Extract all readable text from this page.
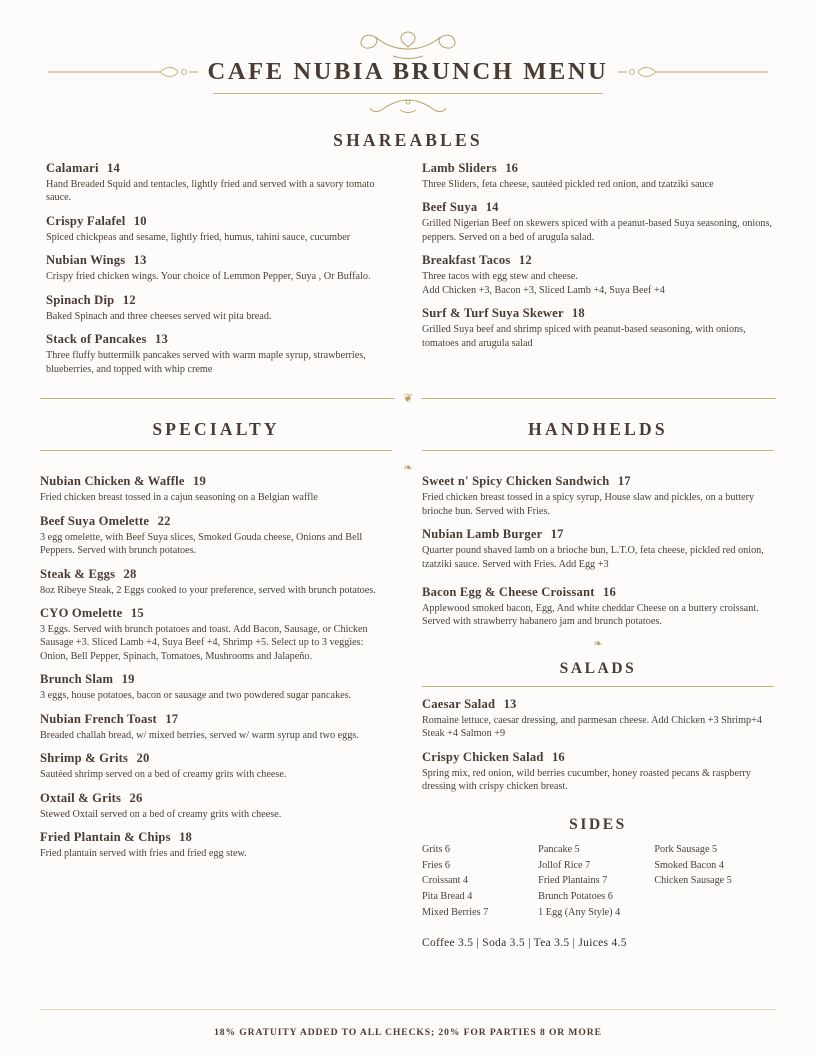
CAFE NUBIA BRUNCH MENU
SHAREABLES
Calamari 14
Hand Breaded Squid and tentacles, lightly fried and served with a savory tomato sauce.
Crispy Falafel 10
Spiced chickpeas and sesame, lightly fried, humus, tahini sauce, cucumber
Nubian Wings 13
Crispy fried chicken wings. Your choice of Lemmon Pepper, Suya , Or Buffalo.
Spinach Dip 12
Baked Spinach and three cheeses served wit pita bread.
Stack of Pancakes 13
Three fluffy buttermilk pancakes served with warm maple syrup, strawberries, blueberries, and topped with whip creme
Lamb Sliders 16
Three Sliders, feta cheese, sautéed pickled red onion, and tzatziki sauce
Beef Suya 14
Grilled Nigerian Beef on skewers spiced with a peanut-based Suya seasoning, onions, peppers. Served on a bed of arugula salad.
Breakfast Tacos 12
Three tacos with egg stew and cheese.
Add Chicken +3, Bacon +3, Sliced Lamb +4, Suya Beef +4
Surf & Turf Suya Skewer 18
Grilled Suya beef and shrimp spiced with peanut-based seasoning, with onions, tomatoes and arugula salad
❦
SPECIALTY	HANDHELDS
❧
Nubian Chicken & Waffle 19
Fried chicken breast tossed in a cajun seasoning on a Belgian waffle
Beef Suya Omelette 22
3 egg omelette, with Beef Suya slices, Smoked Gouda cheese, Onions and Bell Peppers. Served with brunch potatoes.
Steak & Eggs 28
8oz Ribeye Steak, 2 Eggs cooked to your preference, served with brunch potatoes.
CYO Omelette 15
3 Eggs. Served with brunch potatoes and toast. Add Bacon, Sausage, or Chicken Sausage +3. Sliced Lamb +4, Suya Beef +4, Shrimp +5. Select up to 3 veggies: Onion, Bell Pepper, Spinach, Tomatoes, Mushrooms and Jalapeño.
Brunch Slam 19
3 eggs, house potatoes, bacon or sausage and two powdered sugar pancakes.
Nubian French Toast 17
Breaded challah bread, w/ mixed berries, served w/ warm syrup and two eggs.
Shrimp & Grits 20
Sautéed shrimp served on a bed of creamy grits with cheese.
Oxtail & Grits 26
Stewed Oxtail served on a bed of creamy grits with cheese.
Fried Plantain & Chips 18
Fried plantain served with fries and fried egg stew.
Sweet n' Spicy Chicken Sandwich 17
Fried chicken breast tossed in a spicy syrup, House slaw and pickles, on a buttery brioche bun. Served with Fries.
Nubian Lamb Burger 17
Quarter pound shaved lamb on a brioche bun, L.T.O, feta cheese, pickled red onion, tzatziki sauce. Served with Fries. Add Egg +3
Bacon Egg & Cheese Croissant 16
Applewood smoked bacon, Egg, And white cheddar Cheese on a buttery croissant. Served with strawberry habanero jam and brunch potatoes.
❧
SALADS
Caesar Salad 13
Romaine lettuce, caesar dressing, and parmesan cheese. Add Chicken +3 Shrimp+4 Steak +4 Salmon +9
Crispy Chicken Salad 16
Spring mix, red onion, wild berries cucumber, honey roasted pecans & raspberry dressing with crispy chicken breast.
SIDES
Grits 6
Fries 6
Croissant 4
Pita Bread 4
Mixed Berries 7
Pancake 5
Jollof Rice 7
Fried Plantains 7
Brunch Potatoes 6
1 Egg (Any Style) 4
Pork Sausage 5
Smoked Bacon 4
Chicken Sausage 5
Coffee 3.5 | Soda 3.5 | Tea 3.5 | Juices 4.5
18% GRATUITY ADDED TO ALL CHECKS; 20% FOR PARTIES 8 OR MORE
